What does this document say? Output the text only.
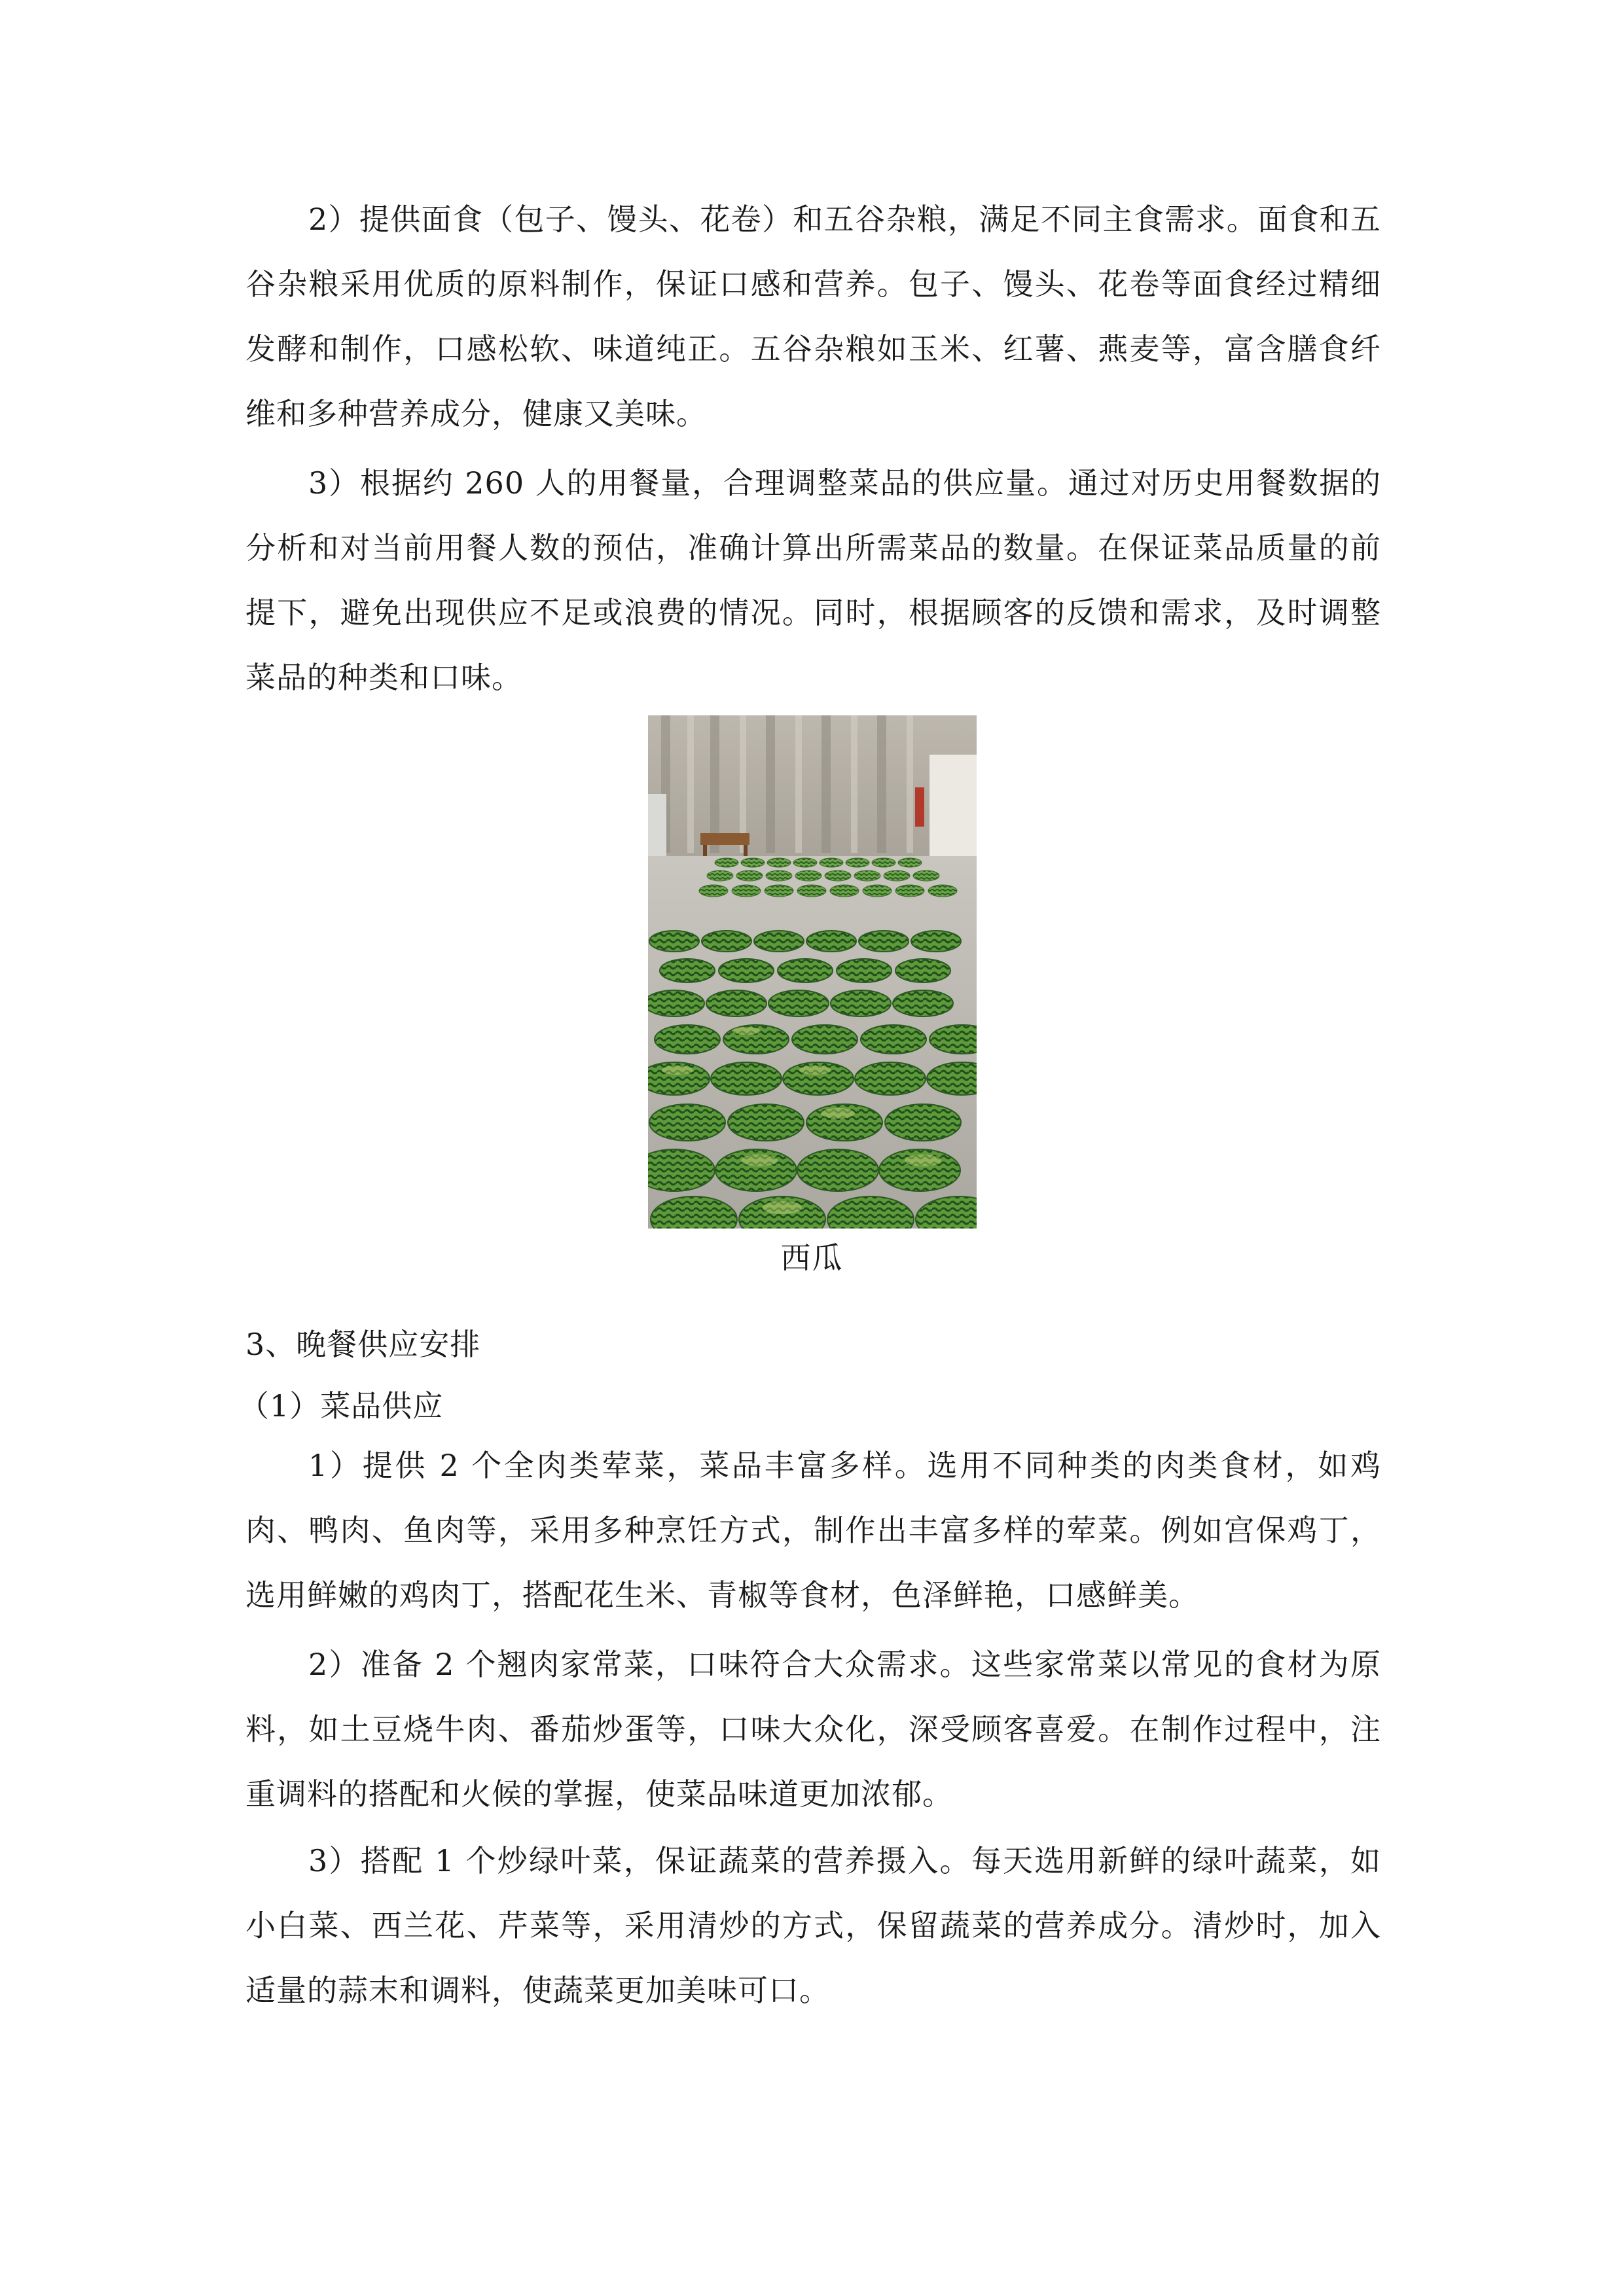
2）提供面食（包子、馒头、花卷）和五谷杂粮，满足不同主食需求。面食和五谷杂粮采用优质的原料制作，保证口感和营养。包子、馒头、花卷等面食经过精细发酵和制作，口感松软、味道纯正。五谷杂粮如玉米、红薯、燕麦等，富含膳食纤维和多种营养成分，健康又美味。

3）根据约 260 人的用餐量，合理调整菜品的供应量。通过对历史用餐数据的分析和对当前用餐人数的预估，准确计算出所需菜品的数量。在保证菜品质量的前提下，避免出现供应不足或浪费的情况。同时，根据顾客的反馈和需求，及时调整菜品的种类和口味。

西瓜
3、晚餐供应安排
（1）菜品供应

1）提供 2 个全肉类荤菜，菜品丰富多样。选用不同种类的肉类食材，如鸡肉、鸭肉、鱼肉等，采用多种烹饪方式，制作出丰富多样的荤菜。例如宫保鸡丁，选用鲜嫩的鸡肉丁，搭配花生米、青椒等食材，色泽鲜艳，口感鲜美。

2）准备 2 个翘肉家常菜，口味符合大众需求。这些家常菜以常见的食材为原料，如土豆烧牛肉、番茄炒蛋等，口味大众化，深受顾客喜爱。在制作过程中，注重调料的搭配和火候的掌握，使菜品味道更加浓郁。

3）搭配 1 个炒绿叶菜，保证蔬菜的营养摄入。每天选用新鲜的绿叶蔬菜，如小白菜、西兰花、芹菜等，采用清炒的方式，保留蔬菜的营养成分。清炒时，加入适量的蒜末和调料，使蔬菜更加美味可口。
